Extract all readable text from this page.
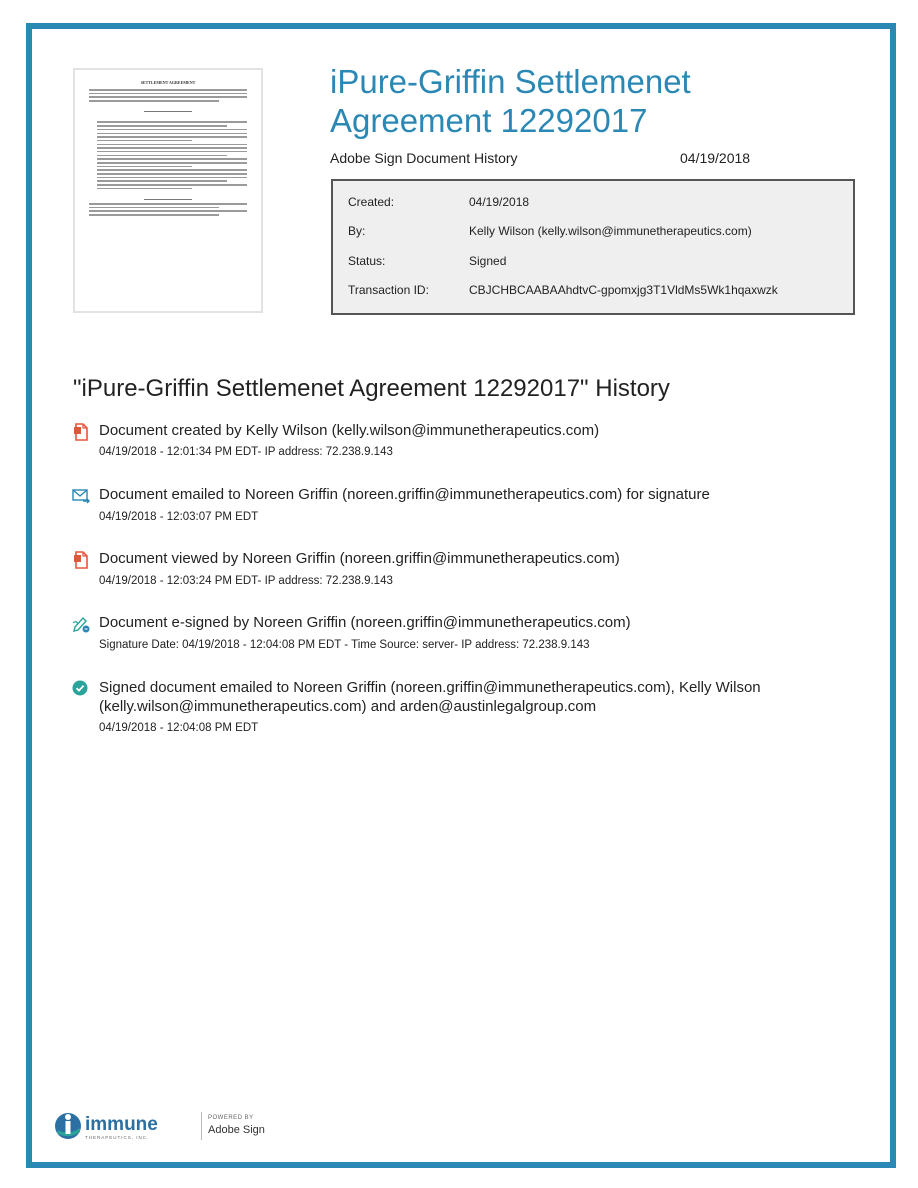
SETTLEMENT AGREEMENT	iPure-Griffin Settlemenet Agreement 12292017
Adobe Sign Document History	04/19/2018
Created:	04/19/2018
By:	Kelly Wilson (kelly.wilson@immunetherapeutics.com)
Status:	Signed
Transaction ID:	CBJCHBCAABAAhdtvC-gpomxjg3T1VldMs5Wk1hqaxwzk
"iPure-Griffin Settlemenet Agreement 12292017" History
Document created by Kelly Wilson (kelly.wilson@immunetherapeutics.com)
04/19/2018 - 12:01:34 PM EDT- IP address: 72.238.9.143
Document emailed to Noreen Griffin (noreen.griffin@immunetherapeutics.com) for signature
04/19/2018 - 12:03:07 PM EDT
Document viewed by Noreen Griffin (noreen.griffin@immunetherapeutics.com)
04/19/2018 - 12:03:24 PM EDT- IP address: 72.238.9.143
Document e-signed by Noreen Griffin (noreen.griffin@immunetherapeutics.com)
Signature Date: 04/19/2018 - 12:04:08 PM EDT - Time Source: server- IP address: 72.238.9.143
Signed document emailed to Noreen Griffin (noreen.griffin@immunetherapeutics.com), Kelly Wilson (kelly.wilson@immunetherapeutics.com) and arden@austinlegalgroup.com
04/19/2018 - 12:04:08 PM EDT
immune
THERAPEUTICS, INC.
POWERED BY
Adobe Sign
